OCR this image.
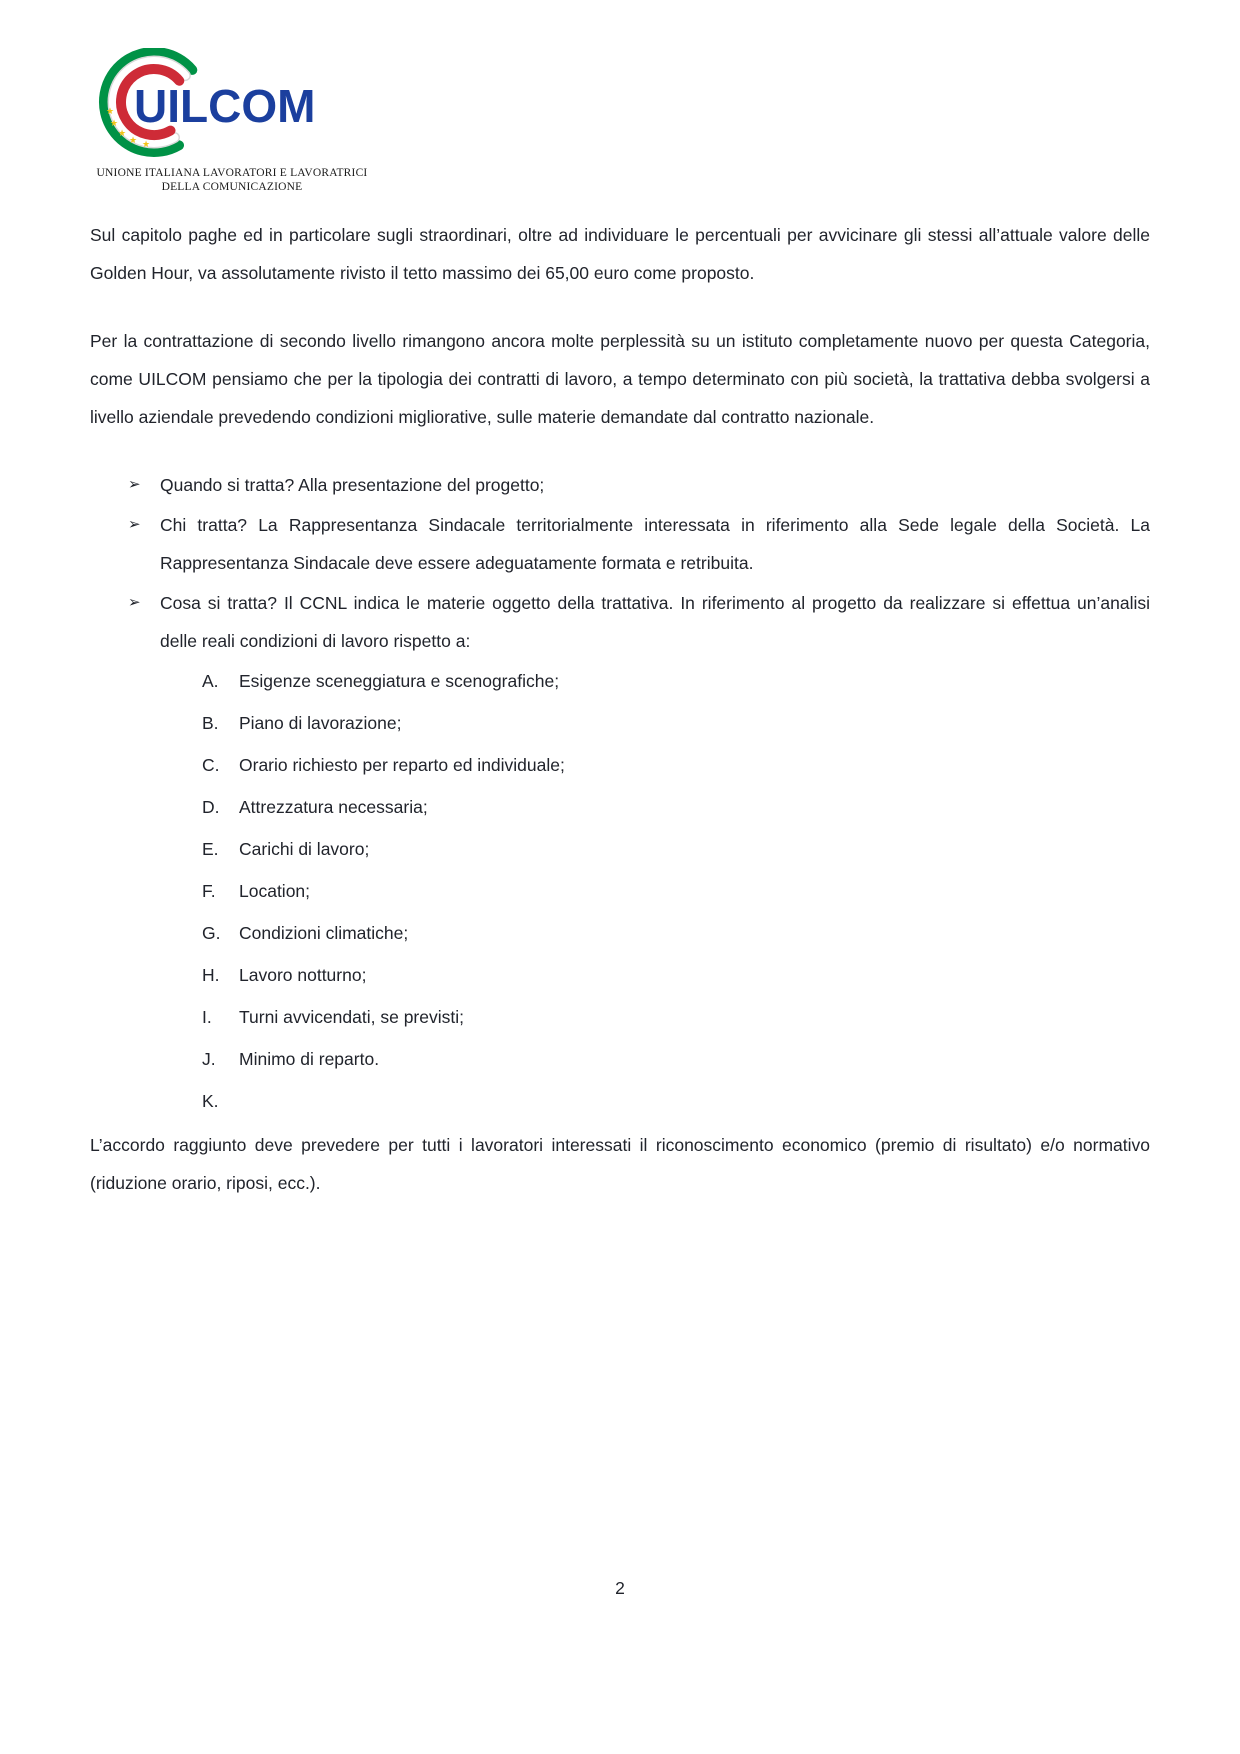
★
★
★
★ ★
UILCOM
UNIONE ITALIANA LAVORATORI E LAVORATRICI
DELLA COMUNICAZIONE

Sul capitolo paghe ed in particolare sugli straordinari, oltre ad individuare le percentuali per avvicinare gli stessi all’attuale valore delle Golden Hour, va assolutamente rivisto il tetto massimo dei 65,00 euro come proposto.

Per la contrattazione di secondo livello rimangono ancora molte perplessità su un istituto completamente nuovo per questa Categoria, come UILCOM pensiamo che per la tipologia dei contratti di lavoro, a tempo determinato con più società, la trattativa debba svolgersi a livello aziendale prevedendo condizioni migliorative, sulle materie demandate dal contratto nazionale.

➢	Quando si tratta? Alla presentazione del progetto;
➢	Chi tratta? La Rappresentanza Sindacale territorialmente interessata in riferimento alla Sede legale della Società. La Rappresentanza Sindacale deve essere adeguatamente formata e retribuita.
➢	Cosa si tratta? Il CCNL indica le materie oggetto della trattativa. In riferimento al progetto da realizzare si effettua un’analisi delle reali condizioni di lavoro rispetto a:
A.	Esigenze sceneggiatura e scenografiche;
B.	Piano di lavorazione;
C.	Orario richiesto per reparto ed individuale;
D.	Attrezzatura necessaria;
E.	Carichi di lavoro;
F.	Location;
G.	Condizioni climatiche;
H.	Lavoro notturno;
I.	Turni avvicendati, se previsti;
J.	Minimo di reparto.
K.

L’accordo raggiunto deve prevedere per tutti i lavoratori interessati il riconoscimento economico (premio di risultato) e/o normativo (riduzione orario, riposi, ecc.).

2
